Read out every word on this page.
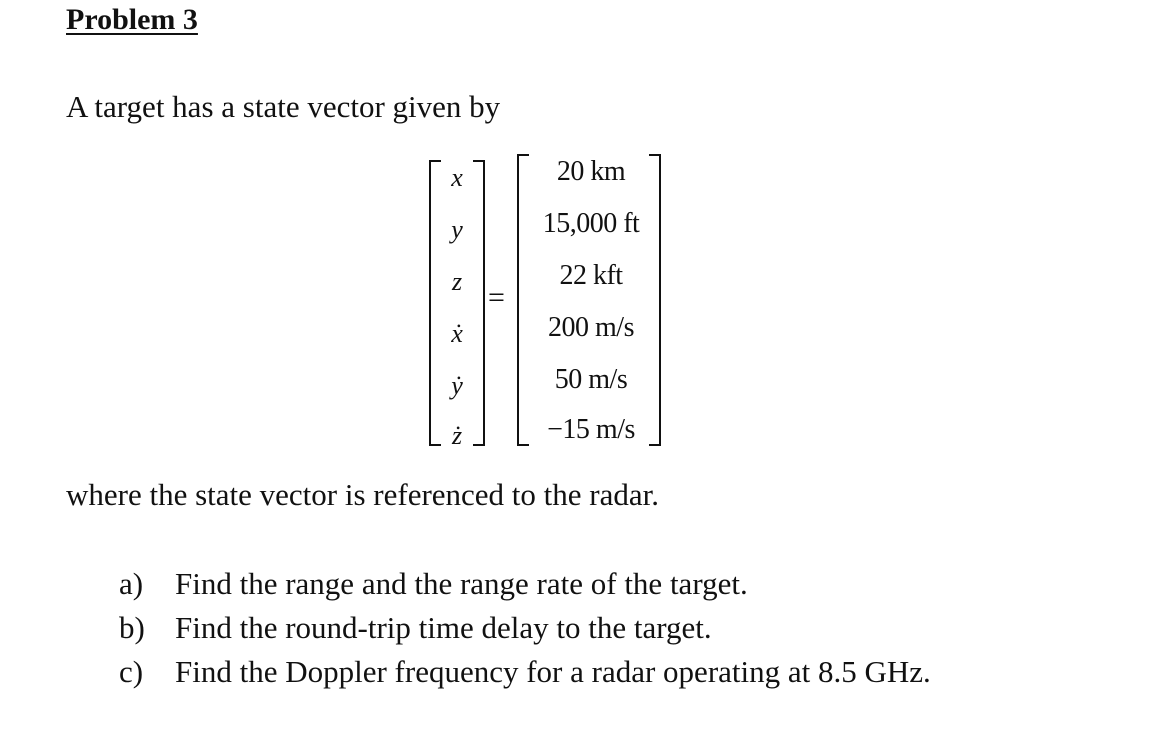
Problem 3
A target has a state vector given by
x
y
z
ẋ
ẏ
ż
=
20 km
15,000 ft
22 kft
200 m/s
50 m/s
−15 m/s
where the state vector is referenced to the radar.
a)	Find the range and the range rate of the target.
b) Find the round-trip time delay to the target.
c)	Find the Doppler frequency for a radar operating at 8.5 GHz.
